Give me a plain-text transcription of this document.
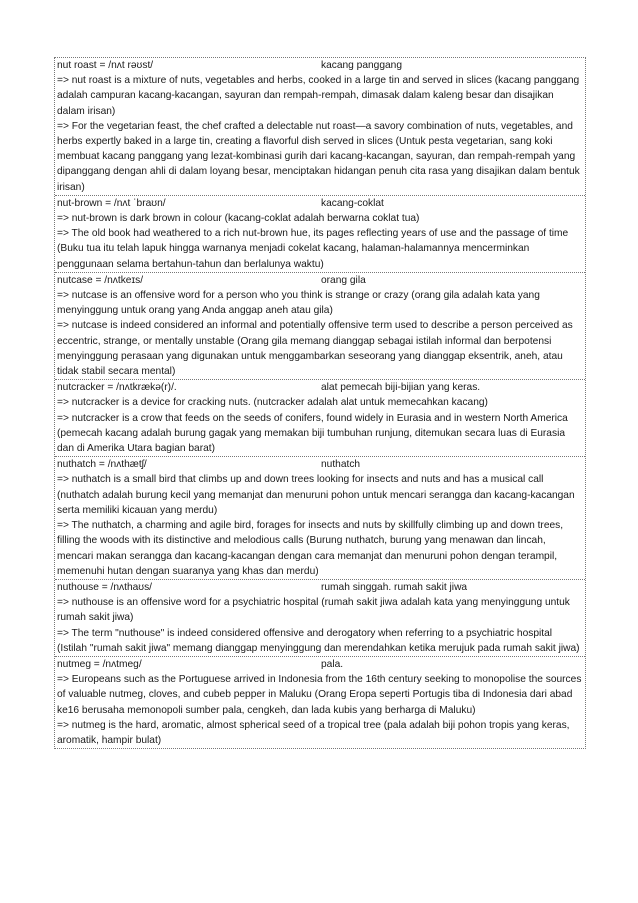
nut roast = /nʌt rəʊst/	kacang panggang

=> nut roast is a mixture of nuts, vegetables and herbs, cooked in a large tin and served in slices (kacang panggang adalah campuran kacang-kacangan, sayuran dan rempah-rempah, dimasak dalam kaleng besar dan disajikan dalam irisan)

=> For the vegetarian feast, the chef crafted a delectable nut roast—a savory combination of nuts, vegetables, and herbs expertly baked in a large tin, creating a flavorful dish served in slices (Untuk pesta vegetarian, sang koki membuat kacang panggang yang lezat-kombinasi gurih dari kacang-kacangan, sayuran, dan rempah-rempah yang dipanggang dengan ahli di dalam loyang besar, menciptakan hidangan penuh cita rasa yang disajikan dalam bentuk irisan)

nut-brown = /nʌt ˈbraʊn/	kacang-coklat

=> nut-brown is dark brown in colour (kacang-coklat adalah berwarna coklat tua)

=> The old book had weathered to a rich nut-brown hue, its pages reflecting years of use and the passage of time (Buku tua itu telah lapuk hingga warnanya menjadi cokelat kacang, halaman-halamannya mencerminkan penggunaan selama bertahun-tahun dan berlalunya waktu)

nutcase = /nʌtkeɪs/	orang gila

=> nutcase is an offensive word for a person who you think is strange or crazy (orang gila adalah kata yang menyinggung untuk orang yang Anda anggap aneh atau gila)

=> nutcase is indeed considered an informal and potentially offensive term used to describe a person perceived as eccentric, strange, or mentally unstable (Orang gila memang dianggap sebagai istilah informal dan berpotensi menyinggung perasaan yang digunakan untuk menggambarkan seseorang yang dianggap eksentrik, aneh, atau tidak stabil secara mental)

nutcracker = /nʌtkrækə(r)/.	alat pemecah biji-bijian yang keras.

=> nutcracker is a device for cracking nuts. (nutcracker adalah alat untuk memecahkan kacang)

=> nutcracker is a crow that feeds on the seeds of conifers, found widely in Eurasia and in western North America (pemecah kacang adalah burung gagak yang memakan biji tumbuhan runjung, ditemukan secara luas di Eurasia dan di Amerika Utara bagian barat)

nuthatch = /nʌthætʃ/	nuthatch

=> nuthatch is a small bird that climbs up and down trees looking for insects and nuts and has a musical call (nuthatch adalah burung kecil yang memanjat dan menuruni pohon untuk mencari serangga dan kacang-kacangan serta memiliki kicauan yang merdu)

=> The nuthatch, a charming and agile bird, forages for insects and nuts by skillfully climbing up and down trees, filling the woods with its distinctive and melodious calls (Burung nuthatch, burung yang menawan dan lincah, mencari makan serangga dan kacang-kacangan dengan cara memanjat dan menuruni pohon dengan terampil, memenuhi hutan dengan suaranya yang khas dan merdu)

nuthouse = /nʌthaʊs/	rumah singgah. rumah sakit jiwa

=> nuthouse is an offensive word for a psychiatric hospital (rumah sakit jiwa adalah kata yang menyinggung untuk rumah sakit jiwa)

=> The term "nuthouse" is indeed considered offensive and derogatory when referring to a psychiatric hospital (Istilah "rumah sakit jiwa" memang dianggap menyinggung dan merendahkan ketika merujuk pada rumah sakit jiwa)

nutmeg = /nʌtmeg/	pala.

=> Europeans such as the Portuguese arrived in Indonesia from the 16th century seeking to monopolise the sources of valuable nutmeg, cloves, and cubeb pepper in Maluku (Orang Eropa seperti Portugis tiba di Indonesia dari abad ke16 berusaha memonopoli sumber pala, cengkeh, dan lada kubis yang berharga di Maluku)

=> nutmeg is the hard, aromatic, almost spherical seed of a tropical tree (pala adalah biji pohon tropis yang keras, aromatik, hampir bulat)
